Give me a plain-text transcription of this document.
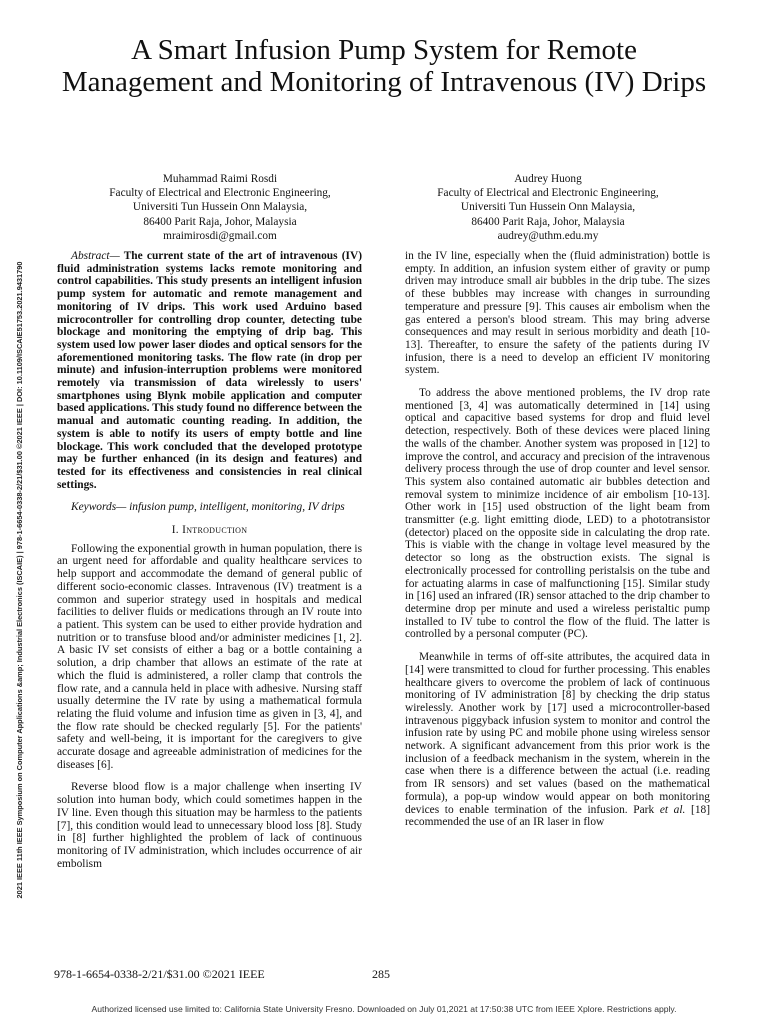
A Smart Infusion Pump System for Remote Management and Monitoring of Intravenous (IV) Drips
Muhammad Raimi Rosdi
Faculty of Electrical and Electronic Engineering,
Universiti Tun Hussein Onn Malaysia,
86400 Parit Raja, Johor, Malaysia
mraimirosdi@gmail.com
Audrey Huong
Faculty of Electrical and Electronic Engineering,
Universiti Tun Hussein Onn Malaysia,
86400 Parit Raja, Johor, Malaysia
audrey@uthm.edu.my
2021 IEEE 11th IEEE Symposium on Computer Applications &amp; Industrial Electronics (ISCAIE) | 978-1-6654-0338-2/21/$31.00 ©2021 IEEE | DOI: 10.1109/ISCAIE51753.2021.9431790

Abstract— The current state of the art of intravenous (IV) fluid administration systems lacks remote monitoring and control capabilities. This study presents an intelligent infusion pump system for automatic and remote management and monitoring of IV drips. This work used Arduino based microcontroller for controlling drop counter, detecting tube blockage and monitoring the emptying of drip bag. This system used low power laser diodes and optical sensors for the aforementioned monitoring tasks. The flow rate (in drop per minute) and infusion-interruption problems were monitored remotely via transmission of data wirelessly to users' smartphones using Blynk mobile application and computer based applications. This study found no difference between the manual and automatic counting reading. In addition, the system is able to notify its users of empty bottle and line blockage. This work concluded that the developed prototype may be further enhanced (in its design and features) and tested for its effectiveness and consistencies in real clinical settings.

Keywords— infusion pump, intelligent, monitoring, IV drips

I. Introduction

Following the exponential growth in human population, there is an urgent need for affordable and quality healthcare services to help support and accommodate the demand of general public of different socio-economic classes. Intravenous (IV) treatment is a common and superior strategy used in hospitals and medical facilities to deliver fluids or medications through an IV route into a patient. This system can be used to either provide hydration and nutrition or to transfuse blood and/or administer medicines [1, 2]. A basic IV set consists of either a bag or a bottle containing a solution, a drip chamber that allows an estimate of the rate at which the fluid is administered, a roller clamp that controls the flow rate, and a cannula held in place with adhesive. Nursing staff usually determine the IV rate by using a mathematical formula relating the fluid volume and infusion time as given in [3, 4], and the flow rate should be checked regularly [5]. For the patients' safety and well-being, it is important for the caregivers to give accurate dosage and agreeable administration of medicines for the diseases [6].

Reverse blood flow is a major challenge when inserting IV solution into human body, which could sometimes happen in the IV line. Even though this situation may be harmless to the patients [7], this condition would lead to unnecessary blood loss [8]. Study in [8] further highlighted the problem of lack of continuous monitoring of IV administration, which includes occurrence of air embolism

in the IV line, especially when the (fluid administration) bottle is empty. In addition, an infusion system either of gravity or pump driven may introduce small air bubbles in the drip tube. The sizes of these bubbles may increase with changes in surrounding temperature and pressure [9]. This causes air embolism when the gas entered a person's blood stream. This may bring adverse consequences and may result in serious morbidity and death [10-13]. Thereafter, to ensure the safety of the patients during IV infusion, there is a need to develop an efficient IV monitoring system.

To address the above mentioned problems, the IV drop rate mentioned [3, 4] was automatically determined in [14] using optical and capacitive based systems for drop and fluid level detection, respectively. Both of these devices were placed lining the walls of the chamber. Another system was proposed in [12] to improve the control, and accuracy and precision of the intravenous delivery process through the use of drop counter and level sensor. This system also contained automatic air bubbles detection and removal system to minimize incidence of air embolism [10-13]. Other work in [15] used obstruction of the light beam from transmitter (e.g. light emitting diode, LED) to a phototransistor (detector) placed on the opposite side in calculating the drop rate. This is viable with the change in voltage level measured by the detector so long as the obstruction exists. The signal is electronically processed for controlling peristalsis on the tube and for actuating alarms in case of malfunctioning [15]. Similar study in [16] used an infrared (IR) sensor attached to the drip chamber to determine drop per minute and used a wireless peristaltic pump installed to IV tube to control the flow of the fluid. The latter is controlled by a personal computer (PC).

Meanwhile in terms of off-site attributes, the acquired data in [14] were transmitted to cloud for further processing. This enables healthcare givers to overcome the problem of lack of continuous monitoring of IV administration [8] by checking the drip status wirelessly. Another work by [17] used a microcontroller-based intravenous piggyback infusion system to monitor and control the infusion rate by using PC and mobile phone using wireless sensor network. A significant advancement from this prior work is the inclusion of a feedback mechanism in the system, wherein in the case when there is a difference between the actual (i.e. reading from IR sensors) and set values (based on the mathematical formula), a pop-up window would appear on both monitoring devices to enable termination of the infusion. Park et al. [18] recommended the use of an IR laser in flow

978-1-6654-0338-2/21/$31.00 ©2021 IEEE	285
Authorized licensed use limited to: California State University Fresno. Downloaded on July 01,2021 at 17:50:38 UTC from IEEE Xplore. Restrictions apply.
